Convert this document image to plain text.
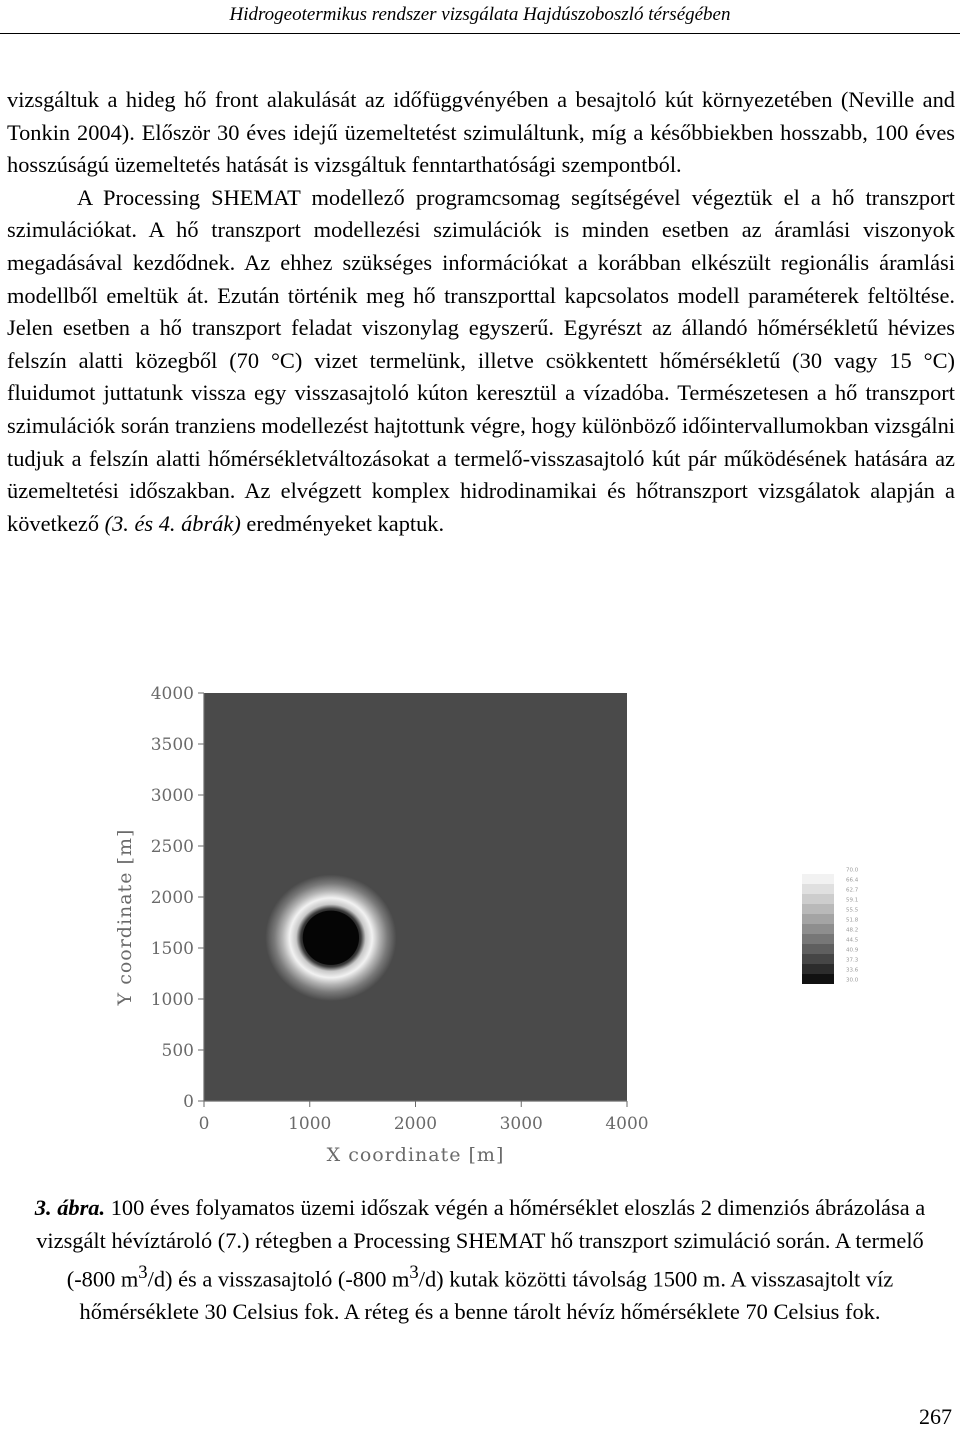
Hidrogeotermikus rendszer vizsgálata Hajdúszoboszló térségében

vizsgáltuk a hideg hő front alakulását az időfüggvényében a besajtoló kút környezetében (Neville and Tonkin 2004). Először 30 éves idejű üzemeltetést szimuláltunk, míg a későbbiekben hosszabb, 100 éves hosszúságú üzemeltetés hatását is vizsgáltuk fenntarthatósági szempontból.

A Processing SHEMAT modellező programcsomag segítségével végeztük el a hő transzport szimulációkat. A hő transzport modellezési szimulációk is minden esetben az áramlási viszonyok megadásával kezdődnek. Az ehhez szükséges információkat a korábban elkészült regionális áramlási modellből emeltük át. Ezután történik meg hő transzporttal kapcsolatos modell paraméterek feltöltése. Jelen esetben a hő transzport feladat viszonylag egyszerű. Egyrészt az állandó hőmérsékletű hévizes felszín alatti közegből (70 °C) vizet termelünk, illetve csökkentett hőmérsékletű (30 vagy 15 °C) fluidumot juttatunk vissza egy visszasajtoló kúton keresztül a vízadóba. Természetesen a hő transzport szimulációk során tranziens modellezést hajtottunk végre, hogy különböző időintervallumokban vizsgálni tudjuk a felszín alatti hőmérsékletváltozásokat a termelő-visszasajtoló kút pár működésének hatására az üzemeltetési időszakban. Az elvégzett komplex hidrodinamikai és hőtranszport vizsgálatok alapján a következő (3. és 4. ábrák) eredményeket kaptuk.

0
500
1000
1500
2000
2500
3000
3500
4000
0	1000	2000	3000	4000
X coordinate [m]
Y coordinate [m]	70.0
66.4
62.7
59.1
55.5
51.8
48.2
44.5
40.9
37.3
33.6
30.0
3. ábra. 100 éves folyamatos üzemi időszak végén a hőmérséklet eloszlás 2 dimenziós ábrázolása a vizsgált hévíztároló (7.) rétegben a Processing SHEMAT hő transzport szimuláció során. A termelő (-800 $m^3/d$) és a visszasajtoló (-800 $m^3/d$) kutak közötti távolság 1500 m. A visszasajtolt víz hőmérséklete 30 Celsius fok. A réteg és a benne tárolt hévíz hőmérséklete 70 Celsius fok.
267
